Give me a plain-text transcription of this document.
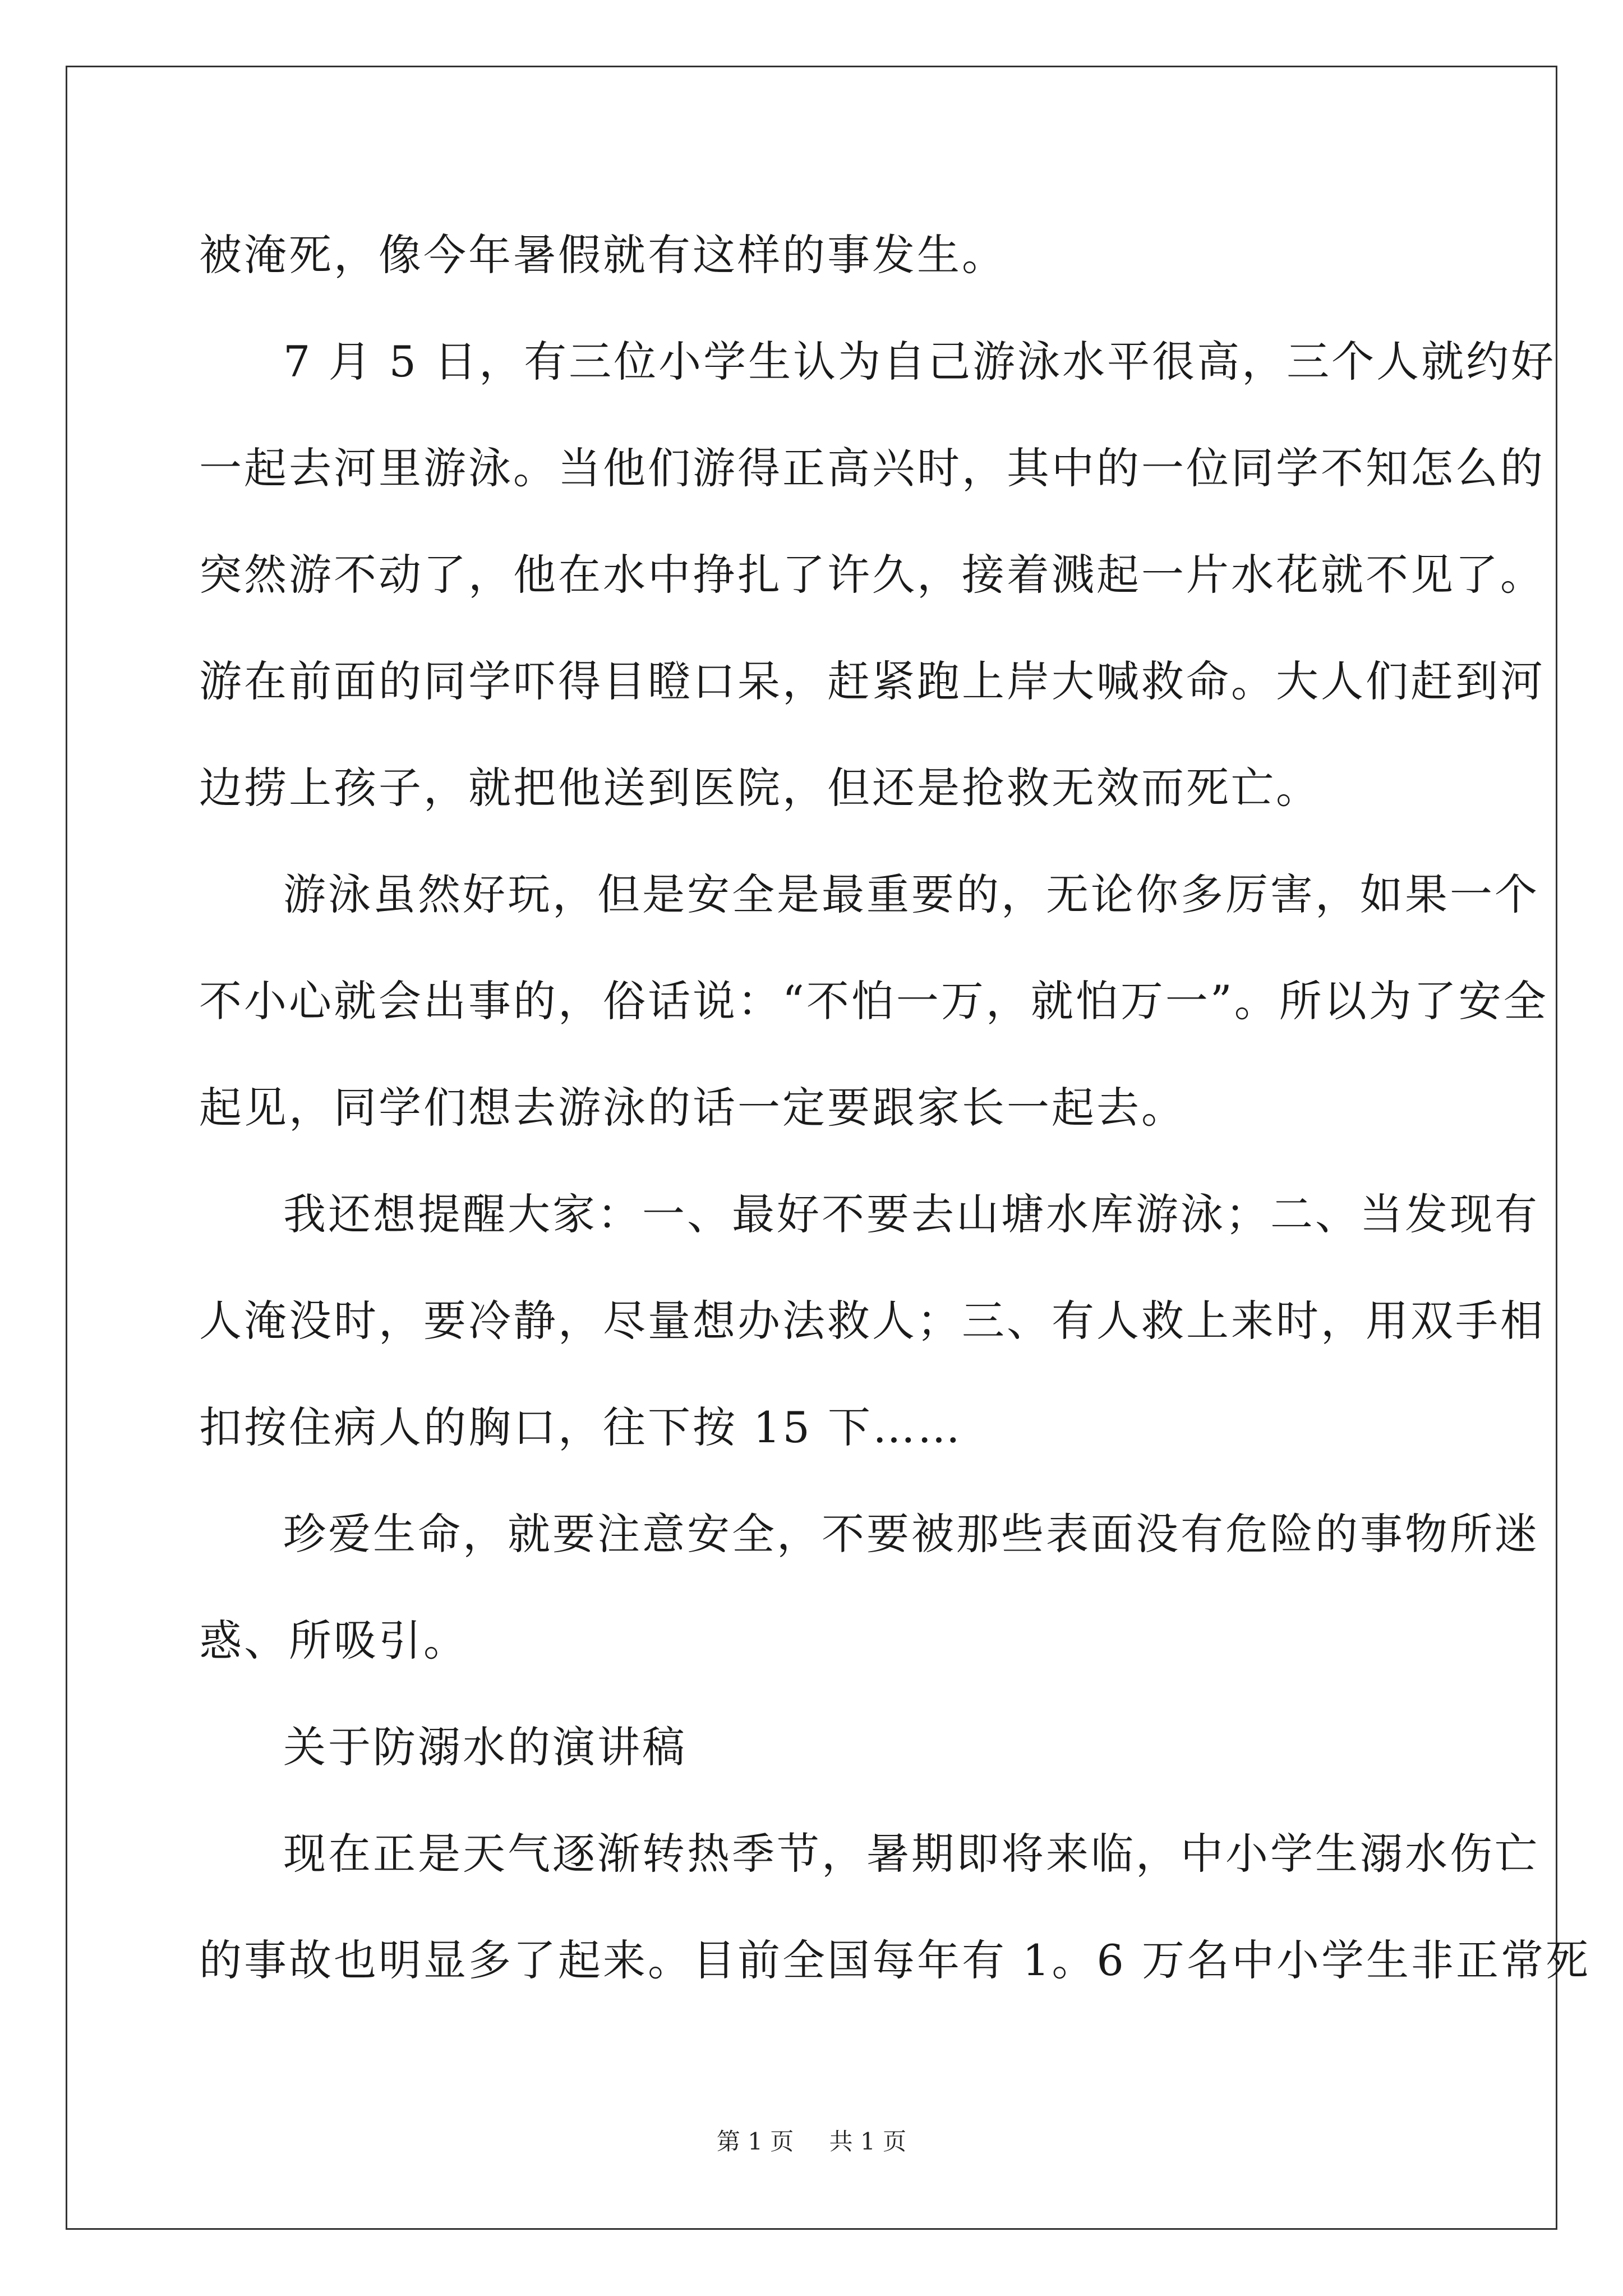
被淹死，像今年暑假就有这样的事发生。
7 月 5 日，有三位小学生认为自己游泳水平很高，三个人就约好
一起去河里游泳。当他们游得正高兴时，其中的一位同学不知怎么的
突然游不动了，他在水中挣扎了许久，接着溅起一片水花就不见了。
游在前面的同学吓得目瞪口呆，赶紧跑上岸大喊救命。大人们赶到河
边捞上孩子，就把他送到医院，但还是抢救无效而死亡。
游泳虽然好玩，但是安全是最重要的，无论你多厉害，如果一个
不小心就会出事的，俗话说：“不怕一万，就怕万一”。所以为了安全
起见，同学们想去游泳的话一定要跟家长一起去。
我还想提醒大家：一、最好不要去山塘水库游泳；二、当发现有
人淹没时，要冷静，尽量想办法救人；三、有人救上来时，用双手相
扣按住病人的胸口，往下按 15 下……
珍爱生命，就要注意安全，不要被那些表面没有危险的事物所迷
惑、所吸引。
关于防溺水的演讲稿
现在正是天气逐渐转热季节，暑期即将来临，中小学生溺水伤亡
的事故也明显多了起来。目前全国每年有 1。6 万名中小学生非正常死
第 1 页 共 1 页
